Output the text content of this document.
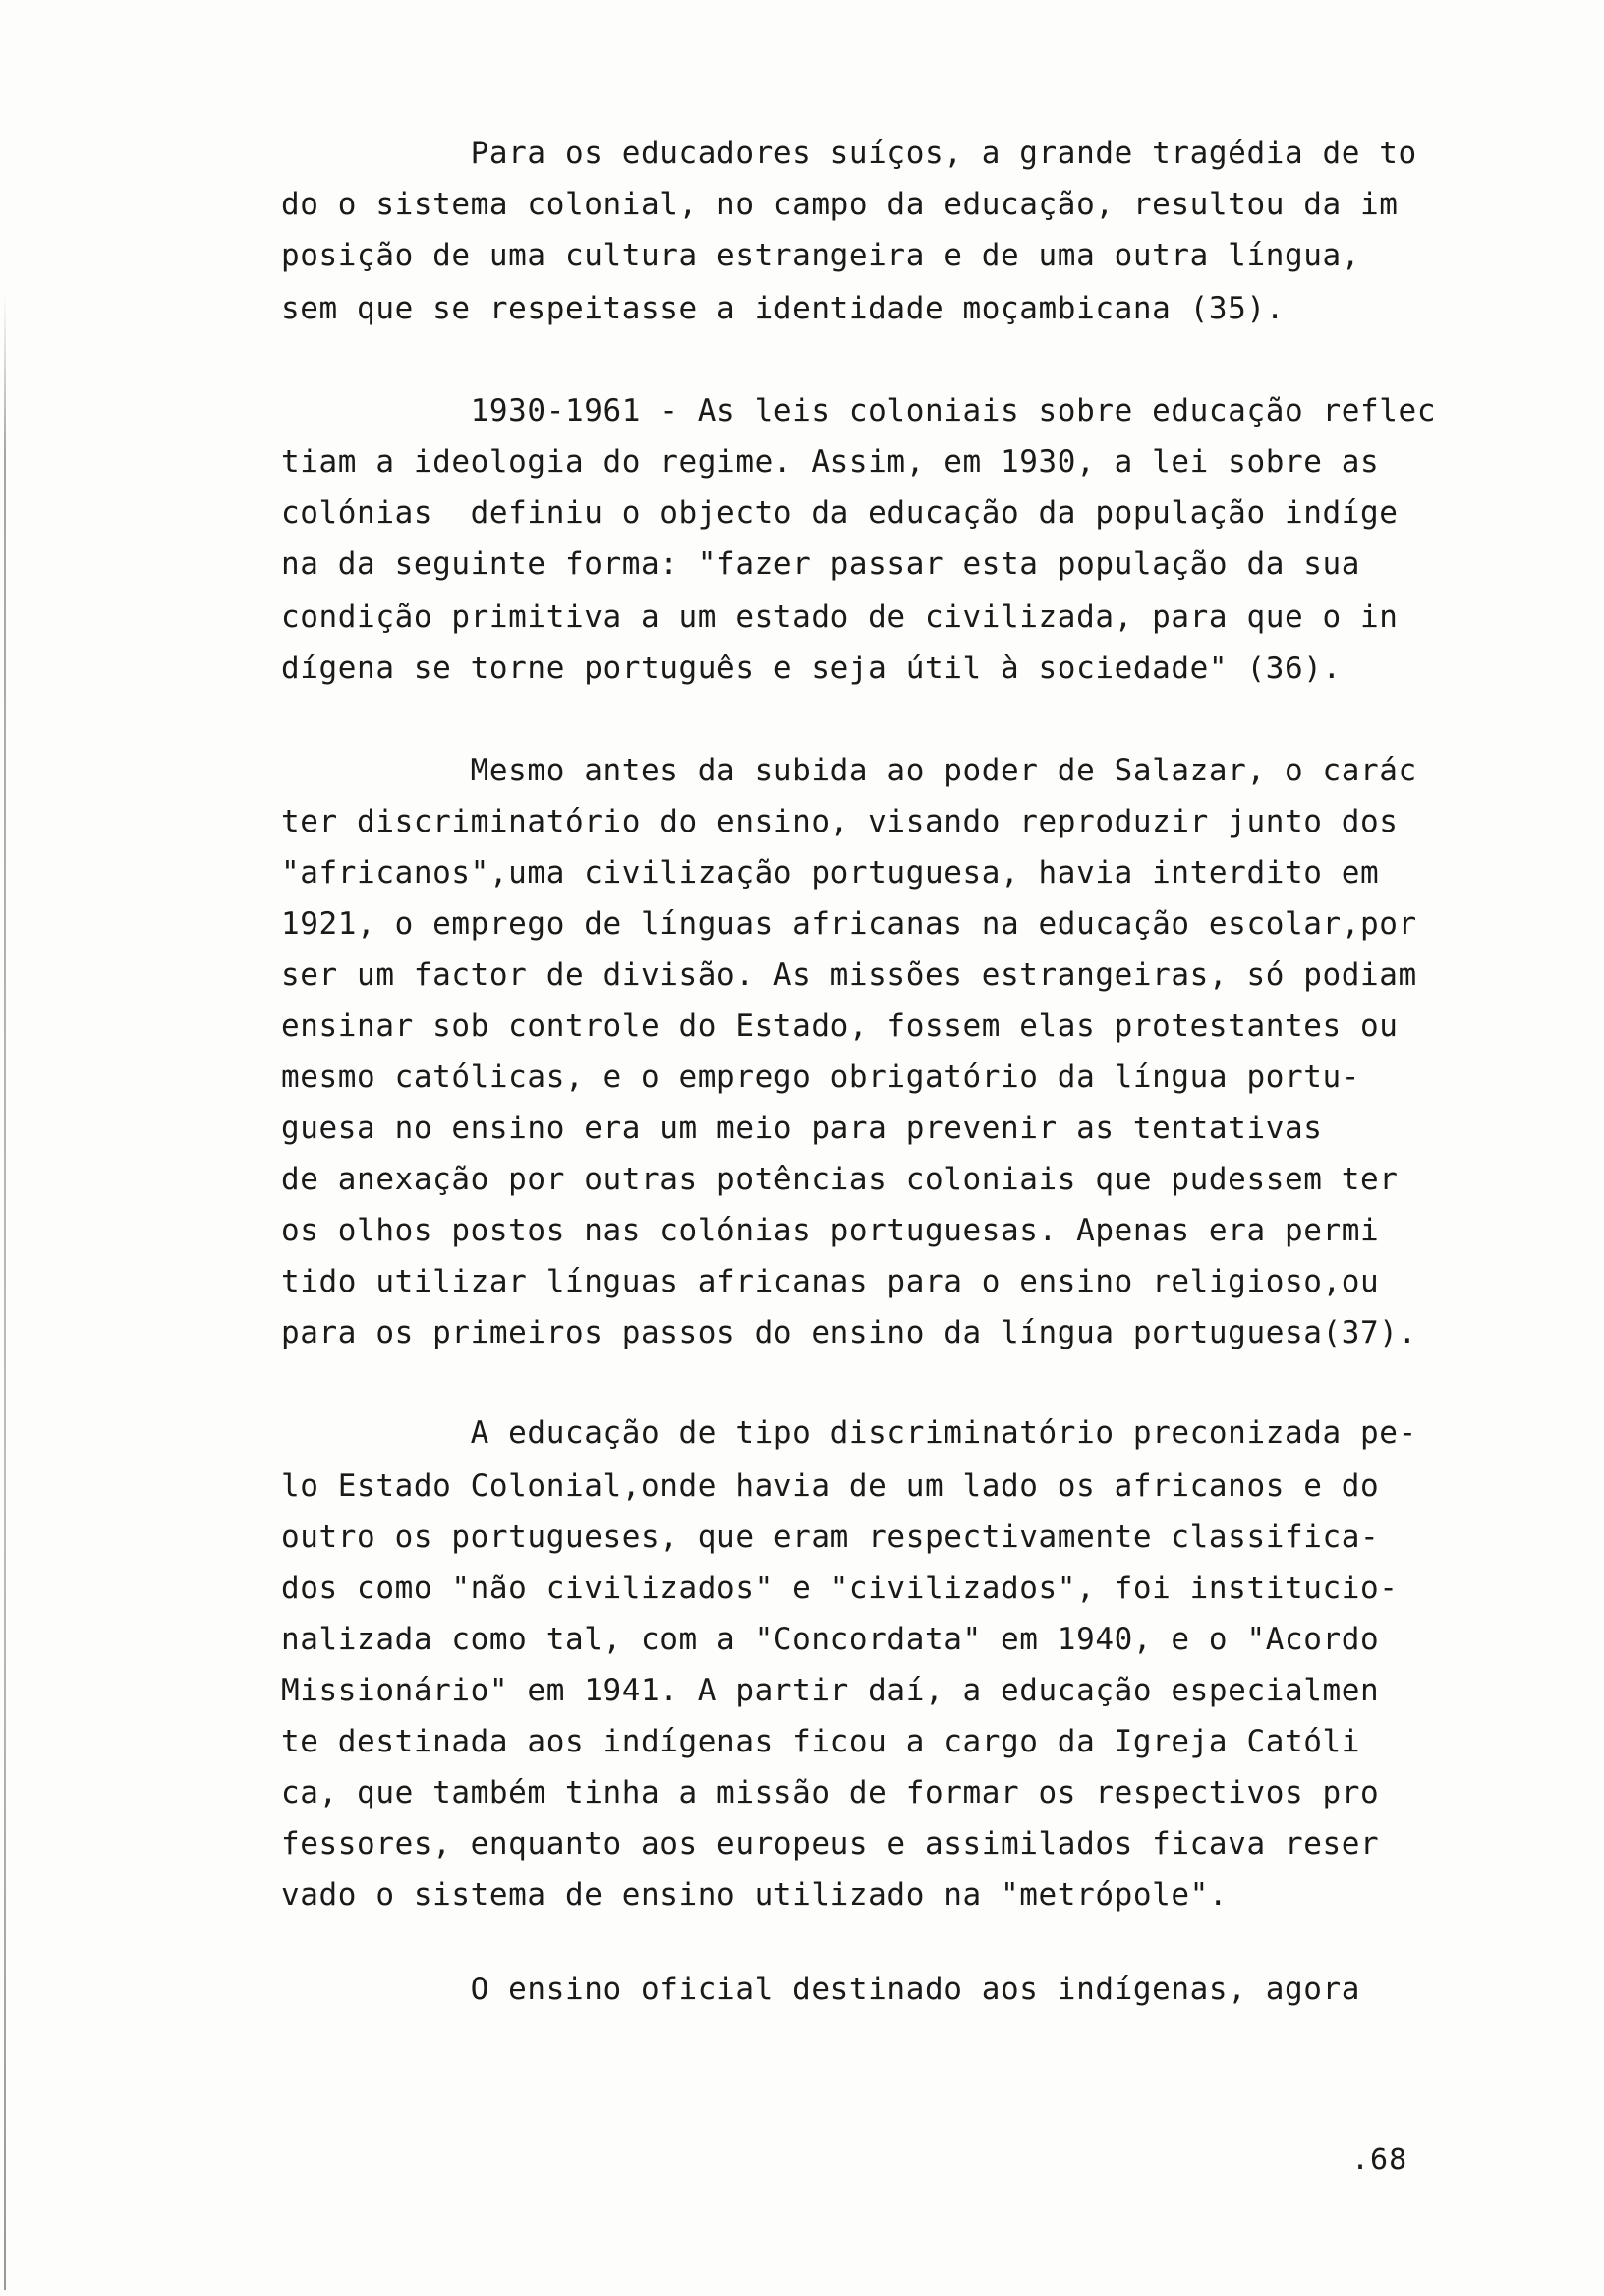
Para os educadores suíços, a grande tragédia de to
do o sistema colonial, no campo da educação, resultou da im
posição de uma cultura estrangeira e de uma outra língua,
sem que se respeitasse a identidade moçambicana (35).
1930-1961 - As leis coloniais sobre educação reflec
tiam a ideologia do regime. Assim, em 1930, a lei sobre as
colónias  definiu o objecto da educação da população indíge
na da seguinte forma: "fazer passar esta população da sua
condição primitiva a um estado de civilizada, para que o in
dígena se torne português e seja útil à sociedade" (36).
Mesmo antes da subida ao poder de Salazar, o carác
ter discriminatório do ensino, visando reproduzir junto dos
"africanos",uma civilização portuguesa, havia interdito em
1921, o emprego de línguas africanas na educação escolar,por
ser um factor de divisão. As missões estrangeiras, só podiam
ensinar sob controle do Estado, fossem elas protestantes ou
mesmo católicas, e o emprego obrigatório da língua portu-
guesa no ensino era um meio para prevenir as tentativas
de anexação por outras potências coloniais que pudessem ter
os olhos postos nas colónias portuguesas. Apenas era permi
tido utilizar línguas africanas para o ensino religioso,ou
para os primeiros passos do ensino da língua portuguesa(37).
A educação de tipo discriminatório preconizada pe-
lo Estado Colonial,onde havia de um lado os africanos e do
outro os portugueses, que eram respectivamente classifica-
dos como "não civilizados" e "civilizados", foi institucio-
nalizada como tal, com a "Concordata" em 1940, e o "Acordo
Missionário" em 1941. A partir daí, a educação especialmen
te destinada aos indígenas ficou a cargo da Igreja Católi
ca, que também tinha a missão de formar os respectivos pro
fessores, enquanto aos europeus e assimilados ficava reser
vado o sistema de ensino utilizado na "metrópole".
O ensino oficial destinado aos indígenas, agora
.68
